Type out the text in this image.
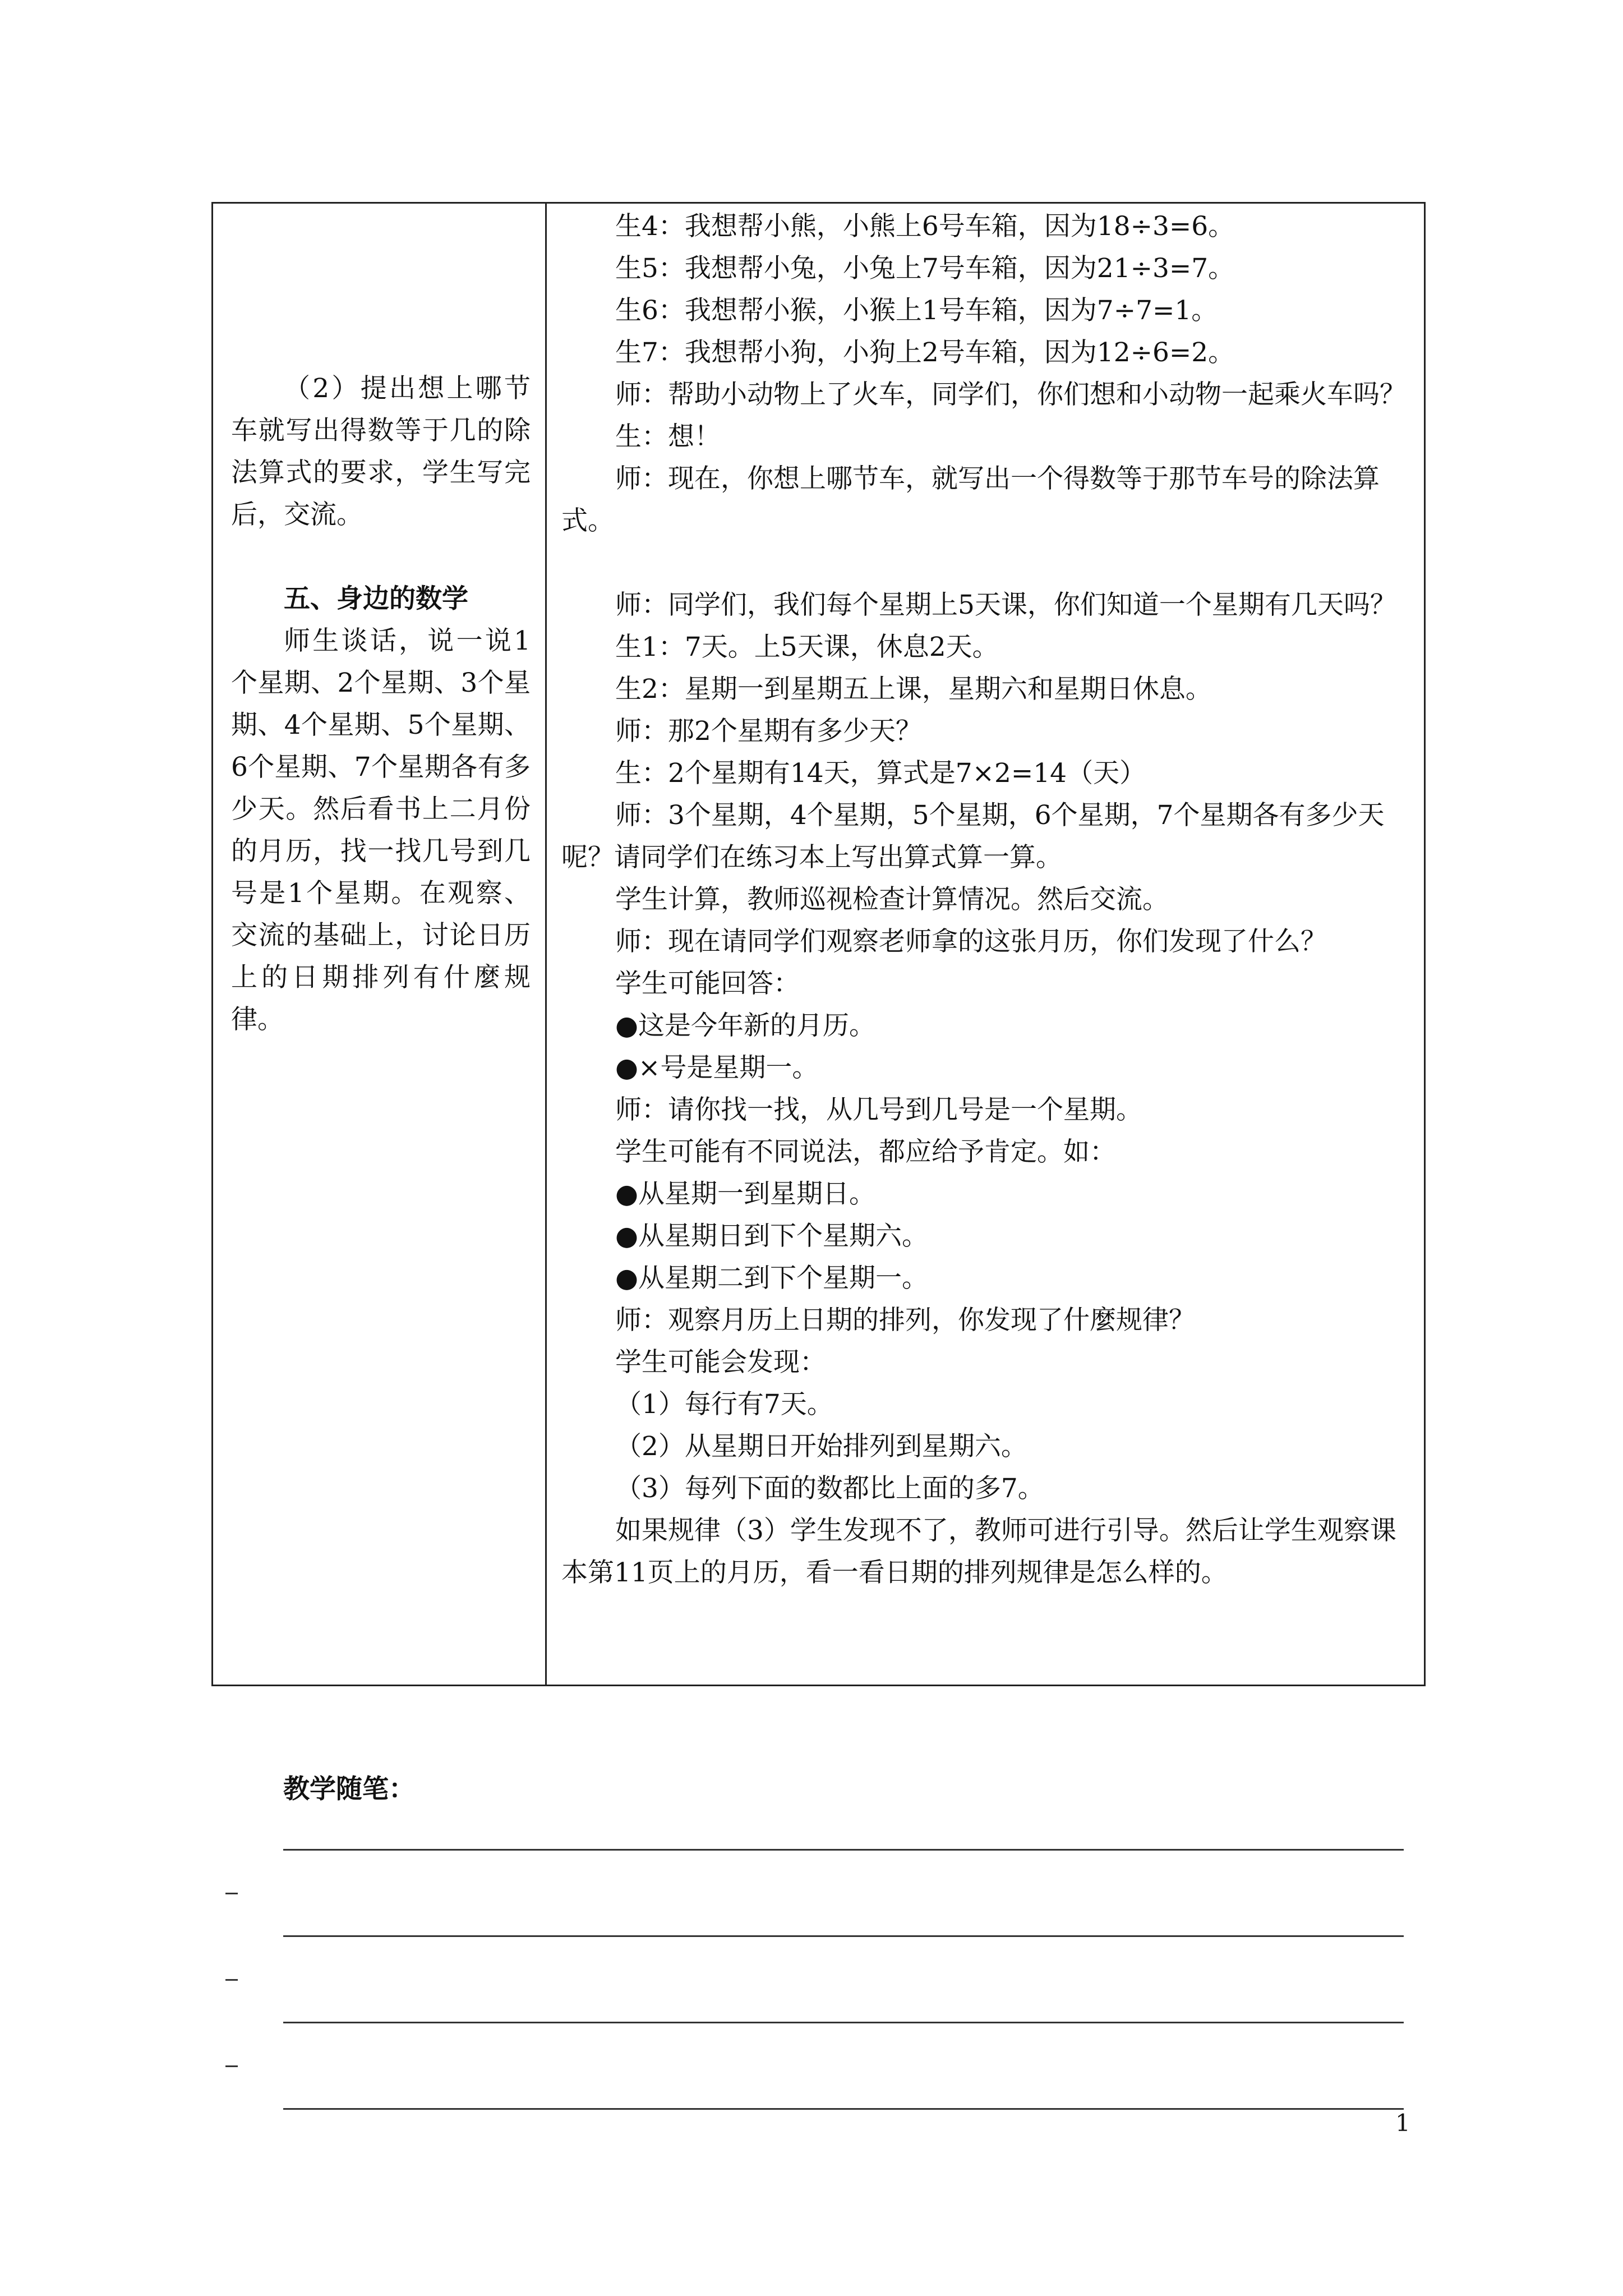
（2）提出想上哪节车就写出得数等于几的除法算式的要求，学生写完后，交流。

五、身边的数学

师生谈话，说一说1个星期、2个星期、3个星期、4个星期、5个星期、6个星期、7个星期各有多少天。然后看书上二月份的月历，找一找几号到几号是1个星期。在观察、交流的基础上，讨论日历上的日期排列有什麼规律。

生4：我想帮小熊，小熊上6号车箱，因为18÷3=6。

生5：我想帮小兔，小兔上7号车箱，因为21÷3=7。

生6：我想帮小猴，小猴上1号车箱，因为7÷7=1。

生7：我想帮小狗，小狗上2号车箱，因为12÷6=2。

师：帮助小动物上了火车，同学们，你们想和小动物一起乘火车吗？

生：想！

师：现在，你想上哪节车，就写出一个得数等于那节车号的除法算式。

师：同学们，我们每个星期上5天课，你们知道一个星期有几天吗？

生1：7天。上5天课，休息2天。

生2：星期一到星期五上课，星期六和星期日休息。

师：那2个星期有多少天？

生：2个星期有14天，算式是7×2=14（天）

师：3个星期，4个星期，5个星期，6个星期，7个星期各有多少天呢？请同学们在练习本上写出算式算一算。

学生计算，教师巡视检查计算情况。然后交流。

师：现在请同学们观察老师拿的这张月历，你们发现了什么？

学生可能回答：

●这是今年新的月历。

●×号是星期一。

师：请你找一找，从几号到几号是一个星期。

学生可能有不同说法，都应给予肯定。如：

●从星期一到星期日。

●从星期日到下个星期六。

●从星期二到下个星期一。

师：观察月历上日期的排列，你发现了什麼规律？

学生可能会发现：

（1）每行有7天。

（2）从星期日开始排列到星期六。

（3）每列下面的数都比上面的多7。

如果规律（3）学生发现不了，教师可进行引导。然后让学生观察课本第11页上的月历，看一看日期的排列规律是怎么样的。

教学随笔：
1
